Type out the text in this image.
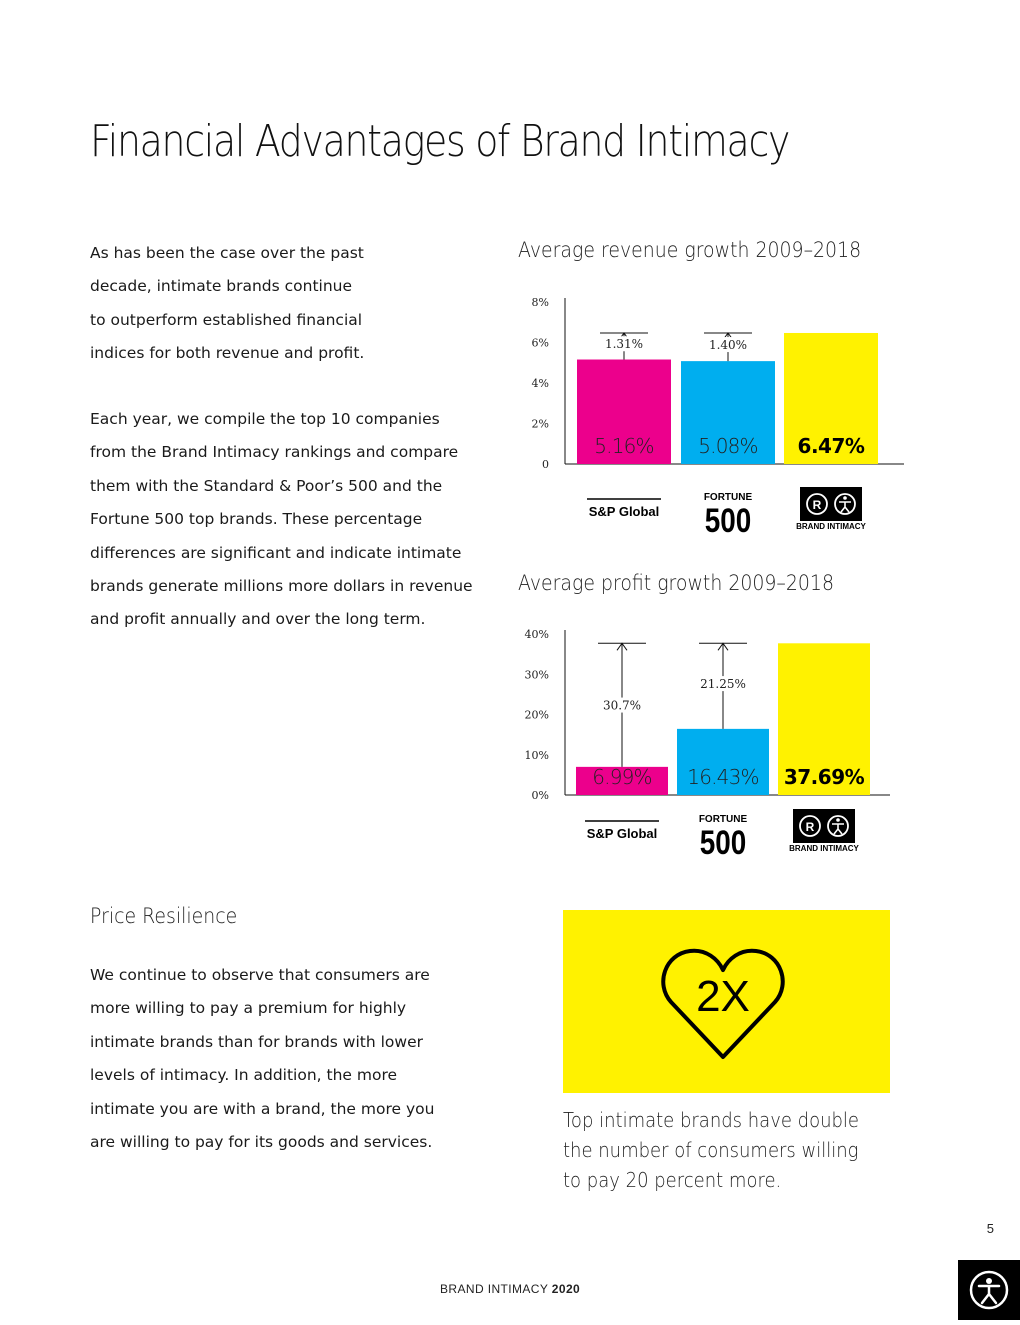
Financial Advantages of Brand Intimacy

As has been the case over the past

decade, intimate brands continue

to outperform established financial

indices for both revenue and profit.

Each year, we compile the top 10 companies

from the Brand Intimacy rankings and compare

them with the Standard & Poor’s 500 and the

Fortune 500 top brands. These percentage

differences are significant and indicate intimate

brands generate millions more dollars in revenue

and profit annually and over the long term.

Average revenue growth 2009–2018
0
2%
4%
6%
8%
1.31%	1.40%
5.16% 5.08% 6.47%
S&P Global
FORTUNE
500	R
BRAND INTIMACY
Average profit growth 2009–2018
0%
10%
20%
30%
40%
30.7%
21.25%
6.99% 16.43% 37.69%
S&P Global
FORTUNE
500	R
BRAND INTIMACY
Price Resilience

We continue to observe that consumers are

more willing to pay a premium for highly

intimate brands than for brands with lower

levels of intimacy. In addition, the more

intimate you are with a brand, the more you

are willing to pay for its goods and services.

2X
Top intimate brands have double
the number of consumers willing
to pay 20 percent more.
5
BRAND INTIMACY 2020
